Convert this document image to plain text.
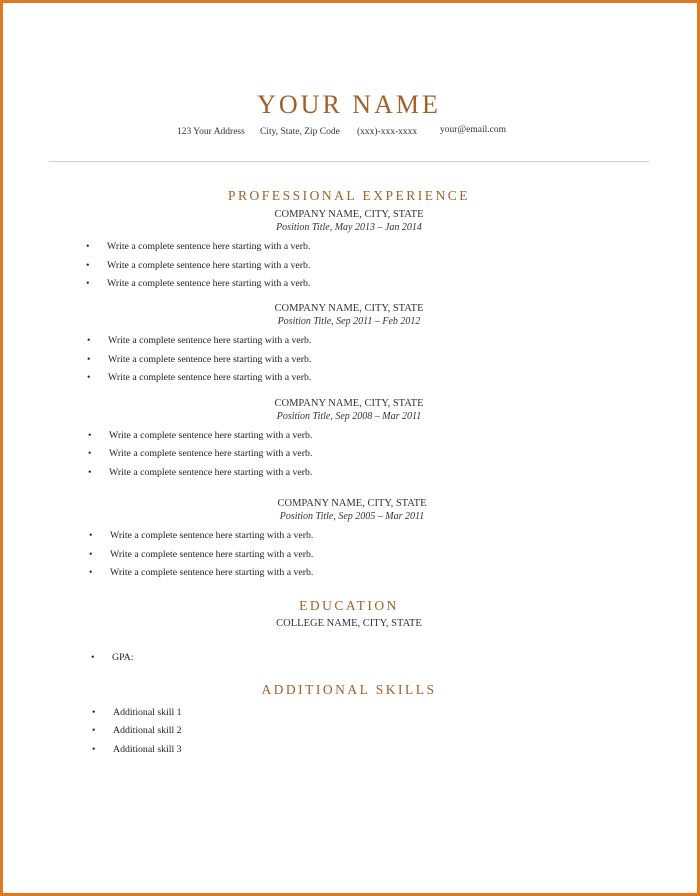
YOUR NAME
123 Your Address City, State, Zip Code (xxx)-xxx-xxxx your@email.com
PROFESSIONAL EXPERIENCE
COMPANY NAME, CITY, STATE
Position Title, May 2013 – Jan 2014
• Write a complete sentence here starting with a verb.
• Write a complete sentence here starting with a verb.
• Write a complete sentence here starting with a verb.
COMPANY NAME, CITY, STATE
Position Title, Sep 2011 – Feb 2012
• Write a complete sentence here starting with a verb.
• Write a complete sentence here starting with a verb.
• Write a complete sentence here starting with a verb.
COMPANY NAME, CITY, STATE
Position Title, Sep 2008 – Mar 2011
• Write a complete sentence here starting with a verb.
• Write a complete sentence here starting with a verb.
• Write a complete sentence here starting with a verb.
COMPANY NAME, CITY, STATE
Position Title, Sep 2005 – Mar 2011
• Write a complete sentence here starting with a verb.
• Write a complete sentence here starting with a verb.
• Write a complete sentence here starting with a verb.
EDUCATION
COLLEGE NAME, CITY, STATE
• GPA:
ADDITIONAL SKILLS
• Additional skill 1
• Additional skill 2
• Additional skill 3
